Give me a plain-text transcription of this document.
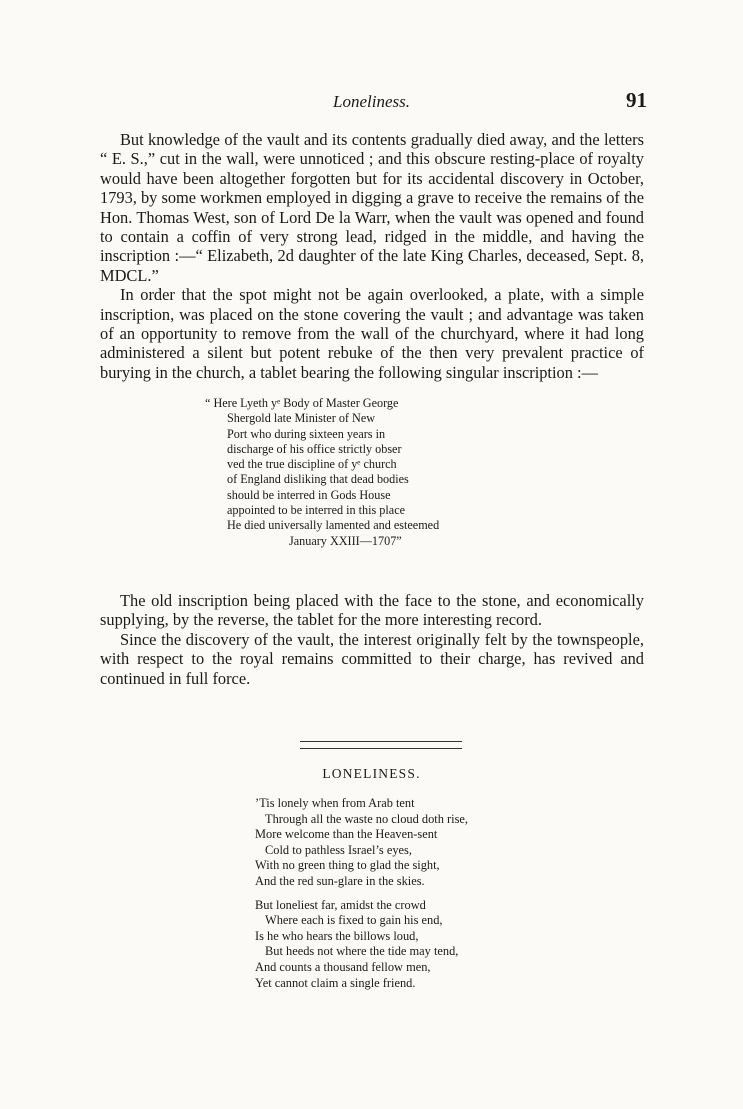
Loneliness.	91

But knowledge of the vault and its contents gradually died away, and the letters “ E. S.,” cut in the wall, were unnoticed ; and this obscure resting-place of royalty would have been altogether forgotten but for its accidental discovery in October, 1793, by some workmen employed in digging a grave to receive the remains of the Hon. Thomas West, son of Lord De la Warr, when the vault was opened and found to contain a coffin of very strong lead, ridged in the middle, and having the inscription :—“ Elizabeth, 2d daughter of the late King Charles, deceased, Sept. 8, MDCL.”

In order that the spot might not be again overlooked, a plate, with a simple inscription, was placed on the stone covering the vault ; and advantage was taken of an opportunity to remove from the wall of the churchyard, where it had long administered a silent but potent rebuke of the then very prevalent practice of burying in the church, a tablet bearing the following singular inscription :—

“ Here Lyeth yᵉ Body of Master George
Shergold late Minister of New
Port who during sixteen years in
discharge of his office strictly obser
ved the true discipline of yᵉ church
of England disliking that dead bodies
should be interred in Gods House
appointed to be interred in this place
He died universally lamented and esteemed
January XXIII—1707”

The old inscription being placed with the face to the stone, and economically supplying, by the reverse, the tablet for the more interesting record.

Since the discovery of the vault, the interest originally felt by the townspeople, with respect to the royal remains committed to their charge, has revived and continued in full force.

LONELINESS.
’Tis lonely when from Arab tent
Through all the waste no cloud doth rise,
More welcome than the Heaven-sent
Cold to pathless Israel’s eyes,
With no green thing to glad the sight,
And the red sun-glare in the skies.
But loneliest far, amidst the crowd
Where each is fixed to gain his end,
Is he who hears the billows loud,
But heeds not where the tide may tend,
And counts a thousand fellow men,
Yet cannot claim a single friend.
